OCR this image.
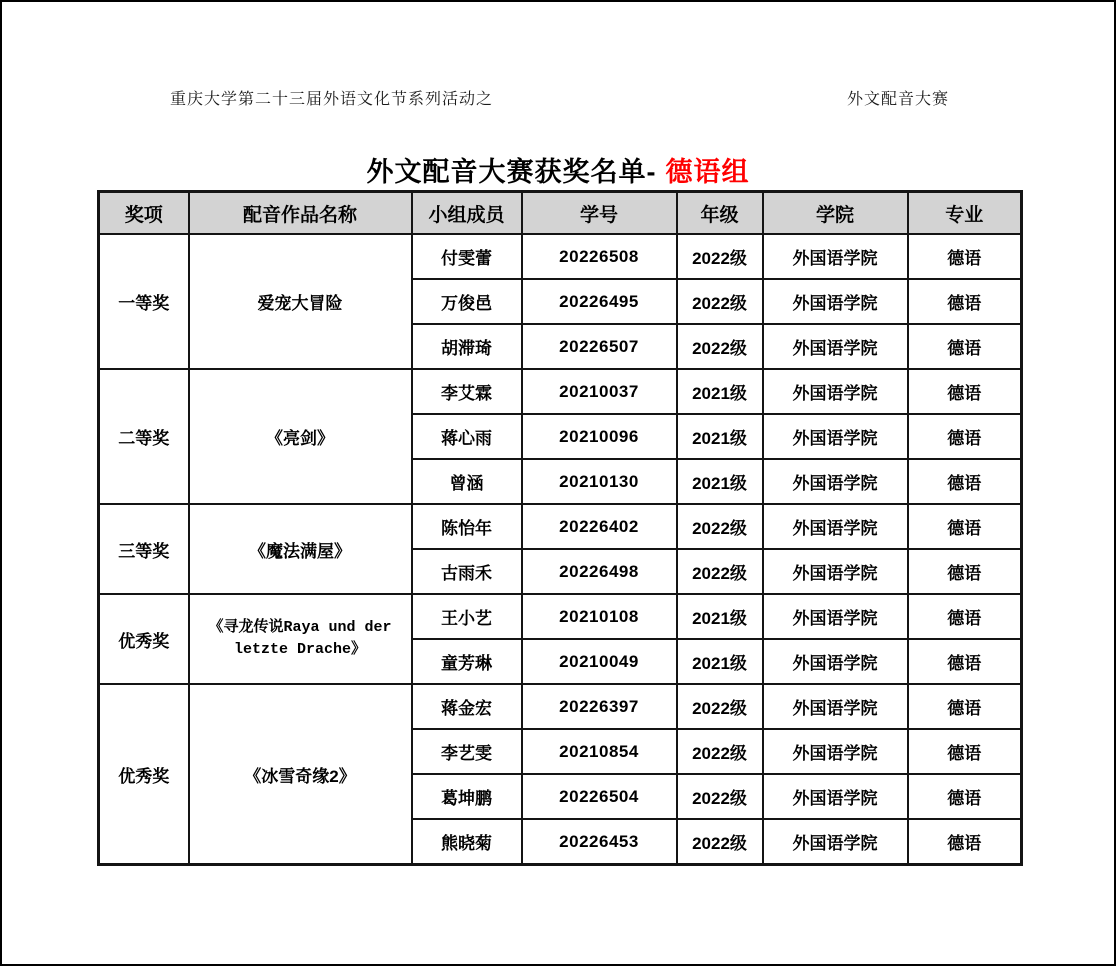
重庆大学第二十三届外语文化节系列活动之	外文配音大赛
外文配音大赛获奖名单- 德语组
奖项	配音作品名称	小组成员	学号	年级	学院	专业
一等奖	爱宠大冒险	付雯蕾	20226508	2022级	外国语学院	德语
		万俊邑	20226495	2022级	外国语学院	德语
		胡滞琦	20226507	2022级	外国语学院	德语
二等奖	《亮剑》	李艾霖	20210037	2021级	外国语学院	德语
		蒋心雨	20210096	2021级	外国语学院	德语
		曾涵	20210130	2021级	外国语学院	德语
三等奖	《魔法满屋》	陈怡年	20226402	2022级	外国语学院	德语
		古雨禾	20226498	2022级	外国语学院	德语
优秀奖	《寻龙传说Raya und der letzte Drache》	王小艺	20210108	2021级	外国语学院	德语
		童芳琳	20210049	2021级	外国语学院	德语
优秀奖	《冰雪奇缘2》	蒋金宏	20226397	2022级	外国语学院	德语
		李艺雯	20210854	2022级	外国语学院	德语
		葛坤鹏	20226504	2022级	外国语学院	德语
		熊晓菊	20226453	2022级	外国语学院	德语
